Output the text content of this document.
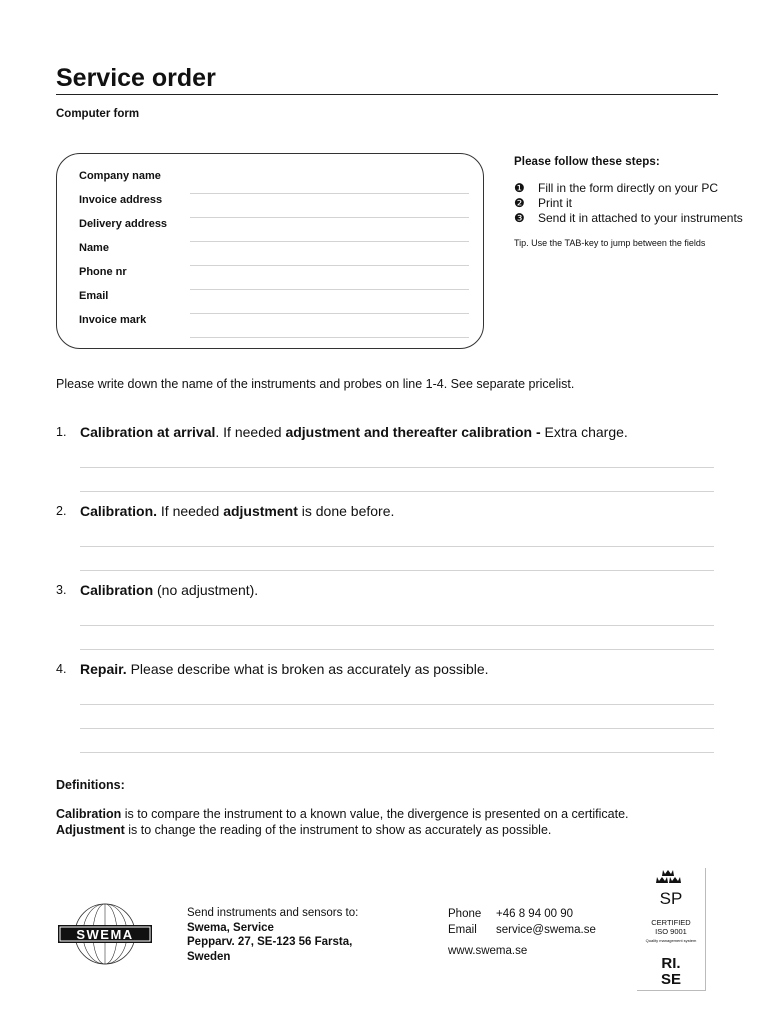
Service order
Computer form
Company name
Invoice address
Delivery address
Name
Phone nr
Email
Invoice mark
Please follow these steps:
❶ Fill in the form directly on your PC
❷ Print it
❸ Send it in attached to your instruments
Tip. Use the TAB-key to jump between the fields
Please write down the name of the instruments and probes on line 1-4. See separate pricelist.
1. Calibration at arrival. If needed adjustment and thereafter calibration - Extra charge.
2. Calibration. If needed adjustment is done before.
3. Calibration (no adjustment).
4. Repair. Please describe what is broken as accurately as possible.
Definitions:
Calibration is to compare the instrument to a known value, the divergence is presented on a certificate.
Adjustment is to change the reading of the instrument to show as accurately as possible.
SWEMA
Send instruments and sensors to:
Swema, Service
Pepparv. 27, SE-123 56 Farsta,
Sweden
Phone +46 8 94 00 90
Email service@swema.se
www.swema.se
SP
CERTIFIED
ISO 9001
Quality management system
RI.
SE
